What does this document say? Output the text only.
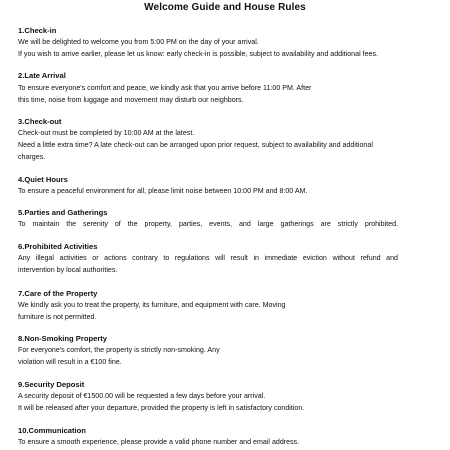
Welcome Guide and House Rules
1.Check-in
We will be delighted to welcome you from 5:00 PM on the day of your arrival.
If you wish to arrive earlier, please let us know: early check-in is possible, subject to availability and additional fees.
2.Late Arrival
To ensure everyone's comfort and peace, we kindly ask that you arrive before 11:00 PM. After
this time, noise from luggage and movement may disturb our neighbors.
3.Check-out
Check-out must be completed by 10:00 AM at the latest.
Need a little extra time? A late check-out can be arranged upon prior request, subject to availability and additional
charges.
4.Quiet Hours
To ensure a peaceful environment for all, please limit noise between 10:00 PM and 8:00 AM.
5.Parties and Gatherings
To maintain the serenity of the property, parties, events, and large gatherings are strictly prohibited.
6.Prohibited Activities
Any illegal activities or actions contrary to regulations will result in immediate eviction without refund and
intervention by local authorities.
7.Care of the Property
We kindly ask you to treat the property, its furniture, and equipment with care. Moving
furniture is not permitted.
8.Non-Smoking Property
For everyone's comfort, the property is strictly non-smoking. Any
violation will result in a €100 fine.
9.Security Deposit
A security deposit of €1500.00 will be requested a few days before your arrival.
It will be released after your departure, provided the property is left in satisfactory condition.
10.Communication
To ensure a smooth experience, please provide a valid phone number and email address.
